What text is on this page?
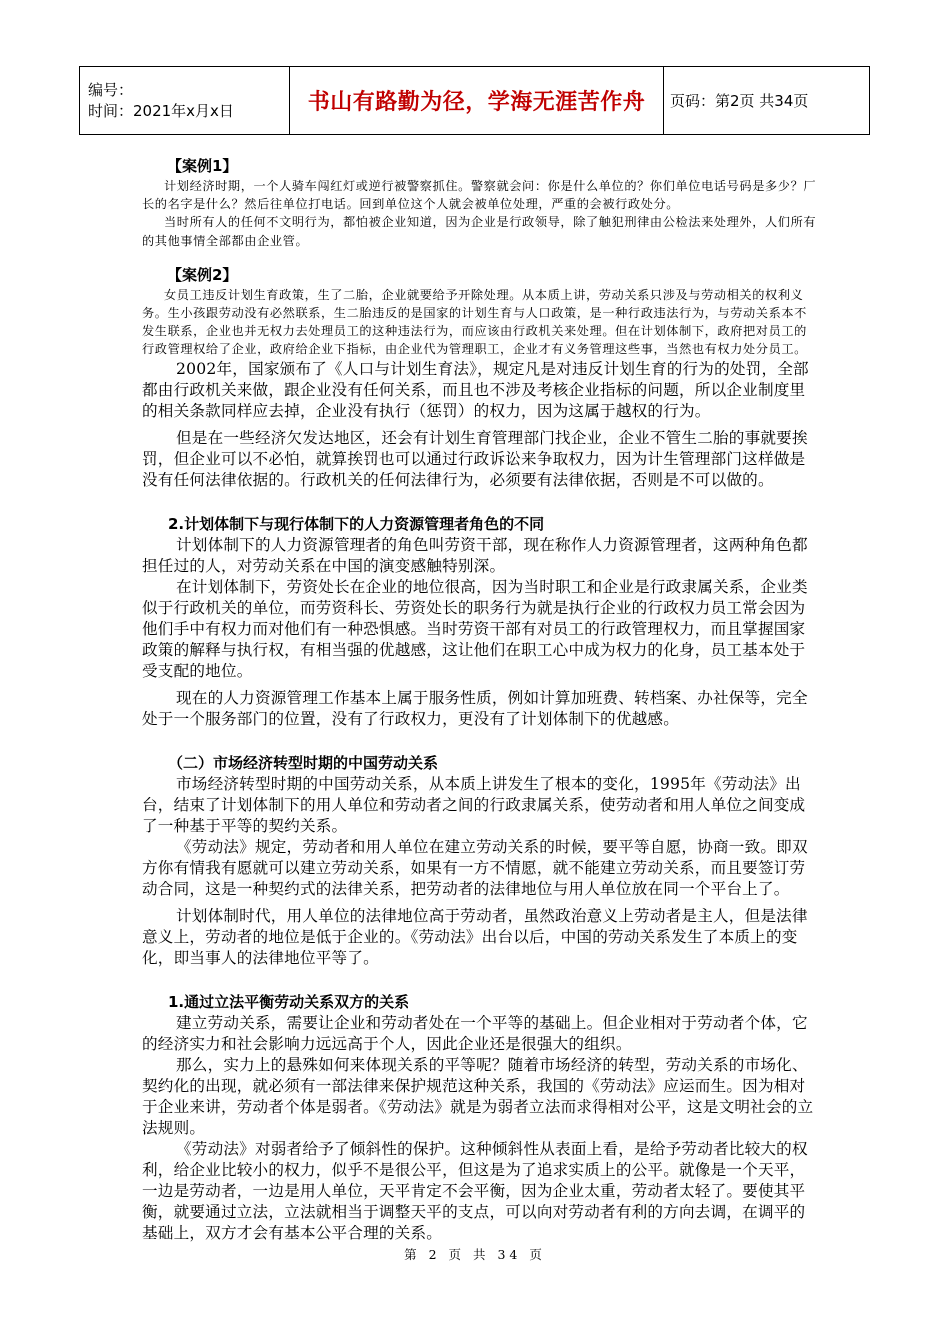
编号：
时间：2021年x月x日	书山有路勤为径，学海无涯苦作舟	页码：第2页 共34页
【案例1】

计划经济时期，一个人骑车闯红灯或逆行被警察抓住。警察就会问：你是什么单位的？你们单位电话号码是多少？厂长的名字是什么？然后往单位打电话。回到单位这个人就会被单位处理，严重的会被行政处分。

当时所有人的任何不文明行为，都怕被企业知道，因为企业是行政领导，除了触犯刑律由公检法来处理外，人们所有的其他事情全部都由企业管。

【案例2】

女员工违反计划生育政策，生了二胎，企业就要给予开除处理。从本质上讲，劳动关系只涉及与劳动相关的权利义务。生小孩跟劳动没有必然联系，生二胎违反的是国家的计划生育与人口政策，是一种行政违法行为，与劳动关系本不发生联系，企业也并无权力去处理员工的这种违法行为，而应该由行政机关来处理。但在计划体制下，政府把对员工的行政管理权给了企业，政府给企业下指标，由企业代为管理职工，企业才有义务管理这些事，当然也有权力处分员工。

2002年，国家颁布了《人口与计划生育法》，规定凡是对违反计划生育的行为的处罚，全部都由行政机关来做，跟企业没有任何关系，而且也不涉及考核企业指标的问题，所以企业制度里的相关条款同样应去掉，企业没有执行（惩罚）的权力，因为这属于越权的行为。

但是在一些经济欠发达地区，还会有计划生育管理部门找企业，企业不管生二胎的事就要挨罚，但企业可以不必怕，就算挨罚也可以通过行政诉讼来争取权力，因为计生管理部门这样做是没有任何法律依据的。行政机关的任何法律行为，必须要有法律依据，否则是不可以做的。

2.计划体制下与现行体制下的人力资源管理者角色的不同

计划体制下的人力资源管理者的角色叫劳资干部，现在称作人力资源管理者，这两种角色都担任过的人，对劳动关系在中国的演变感触特别深。

在计划体制下，劳资处长在企业的地位很高，因为当时职工和企业是行政隶属关系，企业类似于行政机关的单位，而劳资科长、劳资处长的职务行为就是执行企业的行政权力员工常会因为他们手中有权力而对他们有一种恐惧感。当时劳资干部有对员工的行政管理权力，而且掌握国家政策的解释与执行权，有相当强的优越感，这让他们在职工心中成为权力的化身，员工基本处于受支配的地位。

现在的人力资源管理工作基本上属于服务性质，例如计算加班费、转档案、办社保等，完全处于一个服务部门的位置，没有了行政权力，更没有了计划体制下的优越感。

（二）市场经济转型时期的中国劳动关系

市场经济转型时期的中国劳动关系，从本质上讲发生了根本的变化，1995年《劳动法》出台，结束了计划体制下的用人单位和劳动者之间的行政隶属关系，使劳动者和用人单位之间变成了一种基于平等的契约关系。

《劳动法》规定，劳动者和用人单位在建立劳动关系的时候，要平等自愿，协商一致。即双方你有情我有愿就可以建立劳动关系，如果有一方不情愿，就不能建立劳动关系，而且要签订劳动合同，这是一种契约式的法律关系，把劳动者的法律地位与用人单位放在同一个平台上了。

计划体制时代，用人单位的法律地位高于劳动者，虽然政治意义上劳动者是主人，但是法律意义上，劳动者的地位是低于企业的。《劳动法》出台以后，中国的劳动关系发生了本质上的变化，即当事人的法律地位平等了。

1.通过立法平衡劳动关系双方的关系

建立劳动关系，需要让企业和劳动者处在一个平等的基础上。但企业相对于劳动者个体，它的经济实力和社会影响力远远高于个人，因此企业还是很强大的组织。

那么，实力上的悬殊如何来体现关系的平等呢？随着市场经济的转型，劳动关系的市场化、契约化的出现，就必须有一部法律来保护规范这种关系，我国的《劳动法》应运而生。因为相对于企业来讲，劳动者个体是弱者。《劳动法》就是为弱者立法而求得相对公平，这是文明社会的立法规则。

《劳动法》对弱者给予了倾斜性的保护。这种倾斜性从表面上看，是给予劳动者比较大的权利，给企业比较小的权力，似乎不是很公平，但这是为了追求实质上的公平。就像是一个天平，一边是劳动者，一边是用人单位，天平肯定不会平衡，因为企业太重，劳动者太轻了。要使其平衡，就要通过立法，立法就相当于调整天平的支点，可以向对劳动者有利的方向去调，在调平的基础上，双方才会有基本公平合理的关系。

第 2 页 共 34 页
